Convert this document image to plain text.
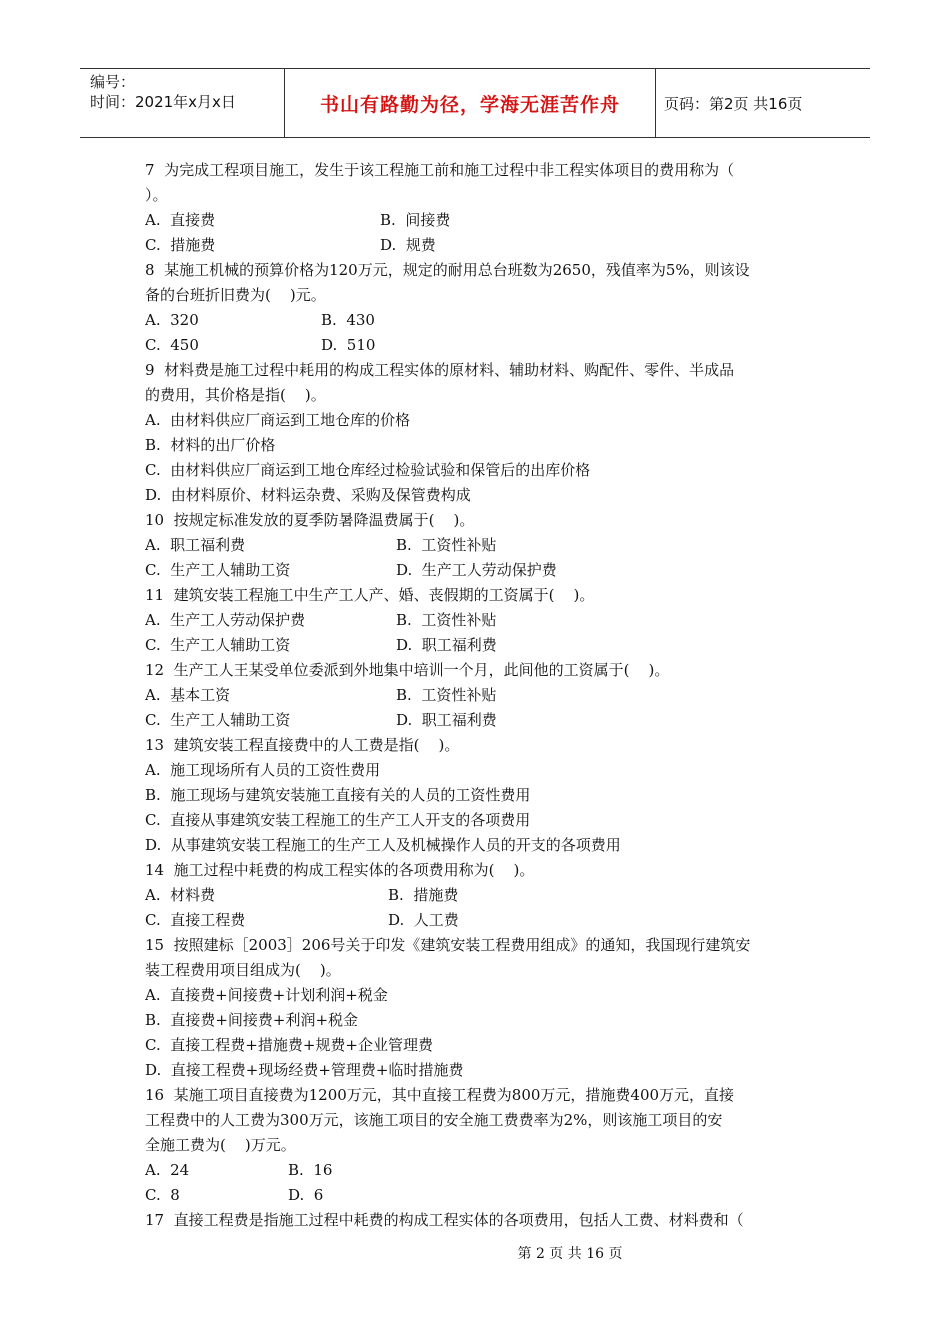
编号：
时间：2021年x月x日	书山有路勤为径，学海无涯苦作舟	页码：第2页 共16页
7  为完成工程项目施工，发生于该工程施工前和施工过程中非工程实体项目的费用称为（
）。
A.  直接费	B.  间接费
C.  措施费	D.  规费
8  某施工机械的预算价格为120万元，规定的耐用总台班数为2650，残值率为5%，则该设
备的台班折旧费为(    )元。
A.  320	B.  430
C.  450	D.  510
9  材料费是施工过程中耗用的构成工程实体的原材料、辅助材料、购配件、零件、半成品
的费用，其价格是指(    )。
A.  由材料供应厂商运到工地仓库的价格
B.  材料的出厂价格
C.  由材料供应厂商运到工地仓库经过检验试验和保管后的出库价格
D.  由材料原价、材料运杂费、采购及保管费构成
10  按规定标准发放的夏季防暑降温费属于(    )。
A.  职工福利费	B.  工资性补贴
C.  生产工人辅助工资	D.  生产工人劳动保护费
11  建筑安装工程施工中生产工人产、婚、丧假期的工资属于(    )。
A.  生产工人劳动保护费	B.  工资性补贴
C.  生产工人辅助工资	D.  职工福利费
12  生产工人王某受单位委派到外地集中培训一个月，此间他的工资属于(    )。
A.  基本工资	B.  工资性补贴
C.  生产工人辅助工资	D.  职工福利费
13  建筑安装工程直接费中的人工费是指(    )。
A.  施工现场所有人员的工资性费用
B.  施工现场与建筑安装施工直接有关的人员的工资性费用
C.  直接从事建筑安装工程施工的生产工人开支的各项费用
D.  从事建筑安装工程施工的生产工人及机械操作人员的开支的各项费用
14  施工过程中耗费的构成工程实体的各项费用称为(    )。
A.  材料费	B.  措施费
C.  直接工程费	D.  人工费
15  按照建标［2003］206号关于印发《建筑安装工程费用组成》的通知，我国现行建筑安
装工程费用项目组成为(    )。
A.  直接费+间接费+计划利润+税金
B.  直接费+间接费+利润+税金
C.  直接工程费+措施费+规费+企业管理费
D.  直接工程费+现场经费+管理费+临时措施费
16  某施工项目直接费为1200万元，其中直接工程费为800万元，措施费400万元，直接
工程费中的人工费为300万元，该施工项目的安全施工费费率为2%，则该施工项目的安
全施工费为(    )万元。
A.  24	B.  16
C.  8	D.  6
17  直接工程费是指施工过程中耗费的构成工程实体的各项费用，包括人工费、材料费和（
第 2 页 共 16 页
